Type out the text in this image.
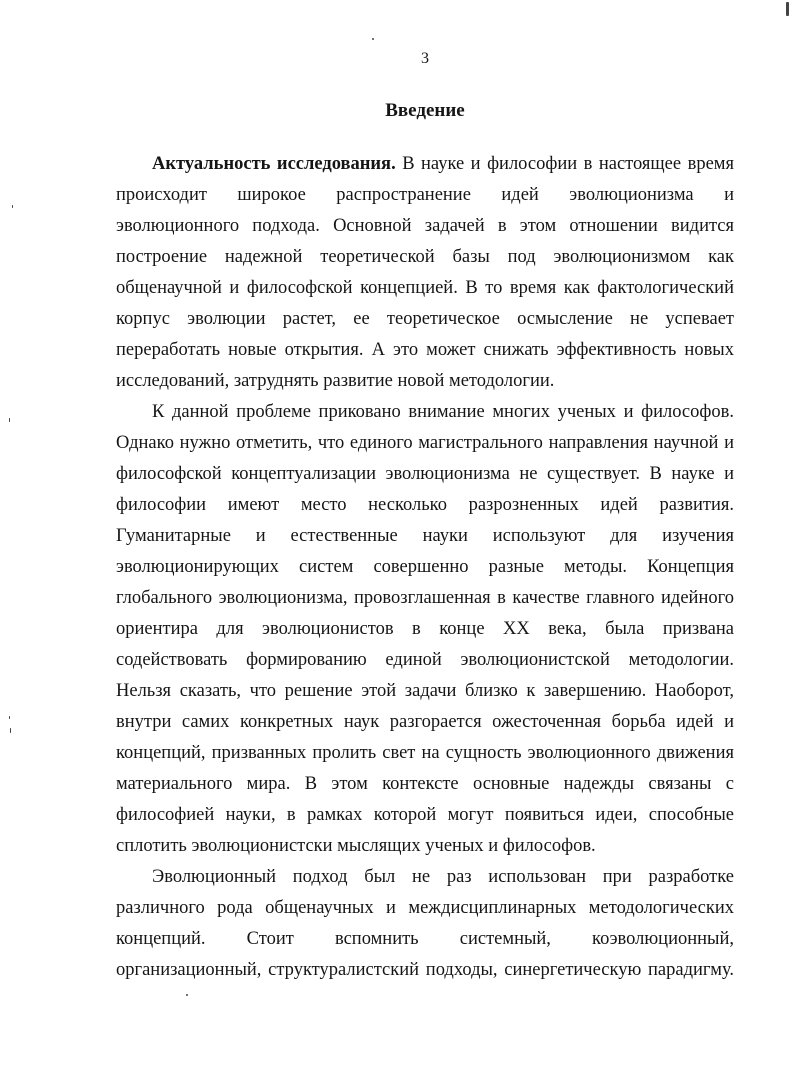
3
Введение
Актуальность исследования. В науке и философии в настоящее время
происходит широкое распространение идей эволюционизма и
эволюционного подхода. Основной задачей в этом отношении видится
построение надежной теоретической базы под эволюционизмом как
общенаучной и философской концепцией. В то время как фактологический
корпус эволюции растет, ее теоретическое осмысление не успевает
переработать новые открытия. А это может снижать эффективность новых
исследований, затруднять развитие новой методологии.
К данной проблеме приковано внимание многих ученых и философов.
Однако нужно отметить, что единого магистрального направления научной и
философской концептуализации эволюционизма не существует. В науке и
философии имеют место несколько разрозненных идей развития.
Гуманитарные и естественные науки используют для изучения
эволюционирующих систем совершенно разные методы. Концепция
глобального эволюционизма, провозглашенная в качестве главного идейного
ориентира для эволюционистов в конце XX века, была призвана
содействовать формированию единой эволюционистской методологии.
Нельзя сказать, что решение этой задачи близко к завершению. Наоборот,
внутри самих конкретных наук разгорается ожесточенная борьба идей и
концепций, призванных пролить свет на сущность эволюционного движения
материального мира. В этом контексте основные надежды связаны с
философией науки, в рамках которой могут появиться идеи, способные
сплотить эволюционистски мыслящих ученых и философов.
Эволюционный подход был не раз использован при разработке
различного рода общенаучных и междисциплинарных методологических
концепций. Стоит вспомнить системный, коэволюционный,
организационный, структуралистский подходы, синергетическую парадигму.
